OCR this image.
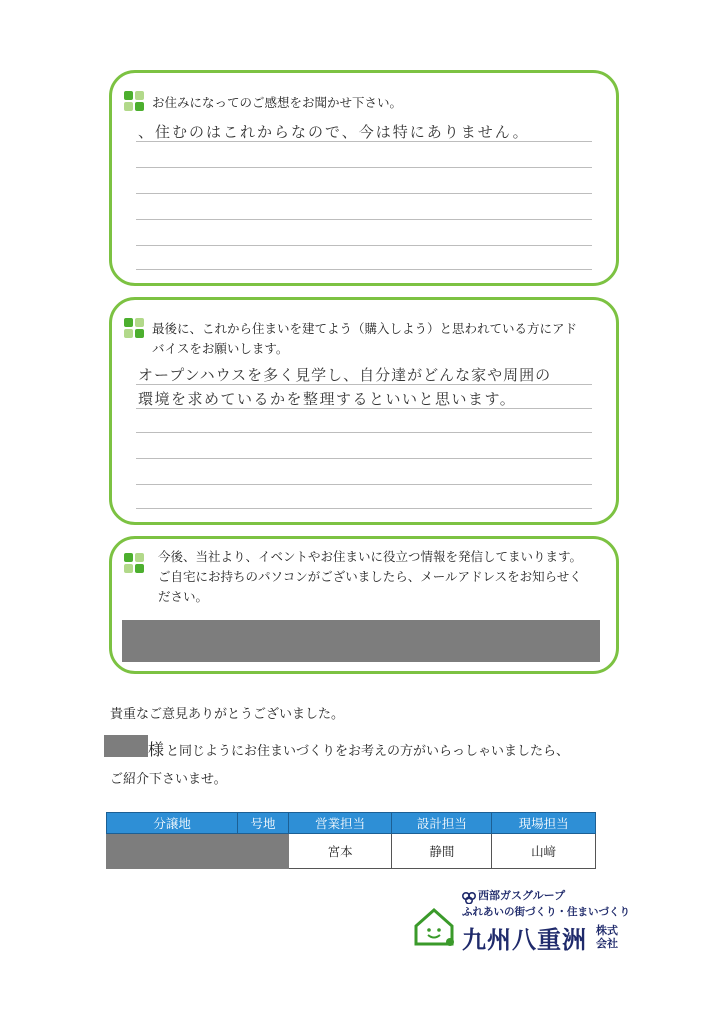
お住みになってのご感想をお聞かせ下さい。
、住むのはこれからなので、今は特にありません。
最後に、これから住まいを建てよう（購入しよう）と思われている方にアドバイスをお願いします。
オープンハウスを多く見学し、自分達がどんな家や周囲の
環境を求めているかを整理するといいと思います。
今後、当社より、イベントやお住まいに役立つ情報を発信してまいります。ご自宅にお持ちのパソコンがございましたら、メールアドレスをお知らせください。
貴重なご意見ありがとうございました。
様 と同じようにお住まいづくりをお考えの方がいらっしゃいましたら、
ご紹介下さいませ。
分譲地	号地	営業担当	設計担当	現場担当
		宮本	静間	山﨑
西部ガスグループ
ふれあいの街づくり・住まいづくり
九州八重洲 株式
会社
